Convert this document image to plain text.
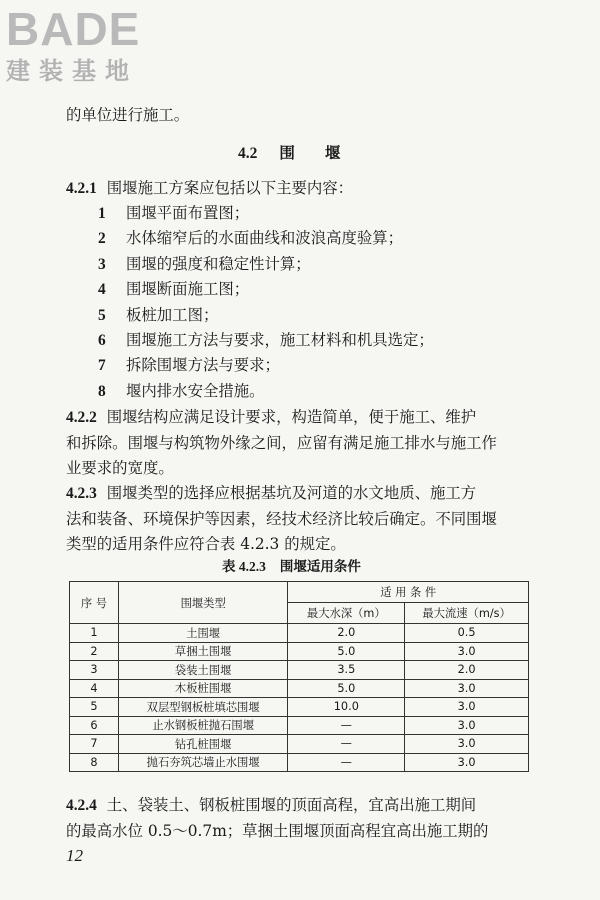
BADE
建装基地
的单位进行施工。
4.2 围 堰
4.2.1 围堰施工方案应包括以下主要内容：
1 围堰平面布置图；
2 水体缩窄后的水面曲线和波浪高度验算；
3 围堰的强度和稳定性计算；
4 围堰断面施工图；
5 板桩加工图；
6 围堰施工方法与要求，施工材料和机具选定；
7 拆除围堰方法与要求；
8 堰内排水安全措施。
4.2.2 围堰结构应满足设计要求，构造简单，便于施工、维护
和拆除。围堰与构筑物外缘之间，应留有满足施工排水与施工作
业要求的宽度。
4.2.3 围堰类型的选择应根据基坑及河道的水文地质、施工方
法和装备、环境保护等因素，经技术经济比较后确定。不同围堰
类型的适用条件应符合表 4.2.3 的规定。
表 4.2.3 围堰适用条件
序 号	围堰类型	适 用 条 件	
		最大水深（m）	最大流速（m/s）
1	土围堰	2.0	0.5
2	草捆土围堰	5.0	3.0
3	袋装土围堰	3.5	2.0
4	木板桩围堰	5.0	3.0
5	双层型钢板桩填芯围堰	10.0	3.0
6	止水钢板桩抛石围堰	—	3.0
7	钻孔桩围堰	—	3.0
8	抛石夯筑芯墙止水围堰	—	3.0
4.2.4 土、袋装土、钢板桩围堰的顶面高程，宜高出施工期间
的最高水位 0.5～0.7m；草捆土围堰顶面高程宜高出施工期的
12
